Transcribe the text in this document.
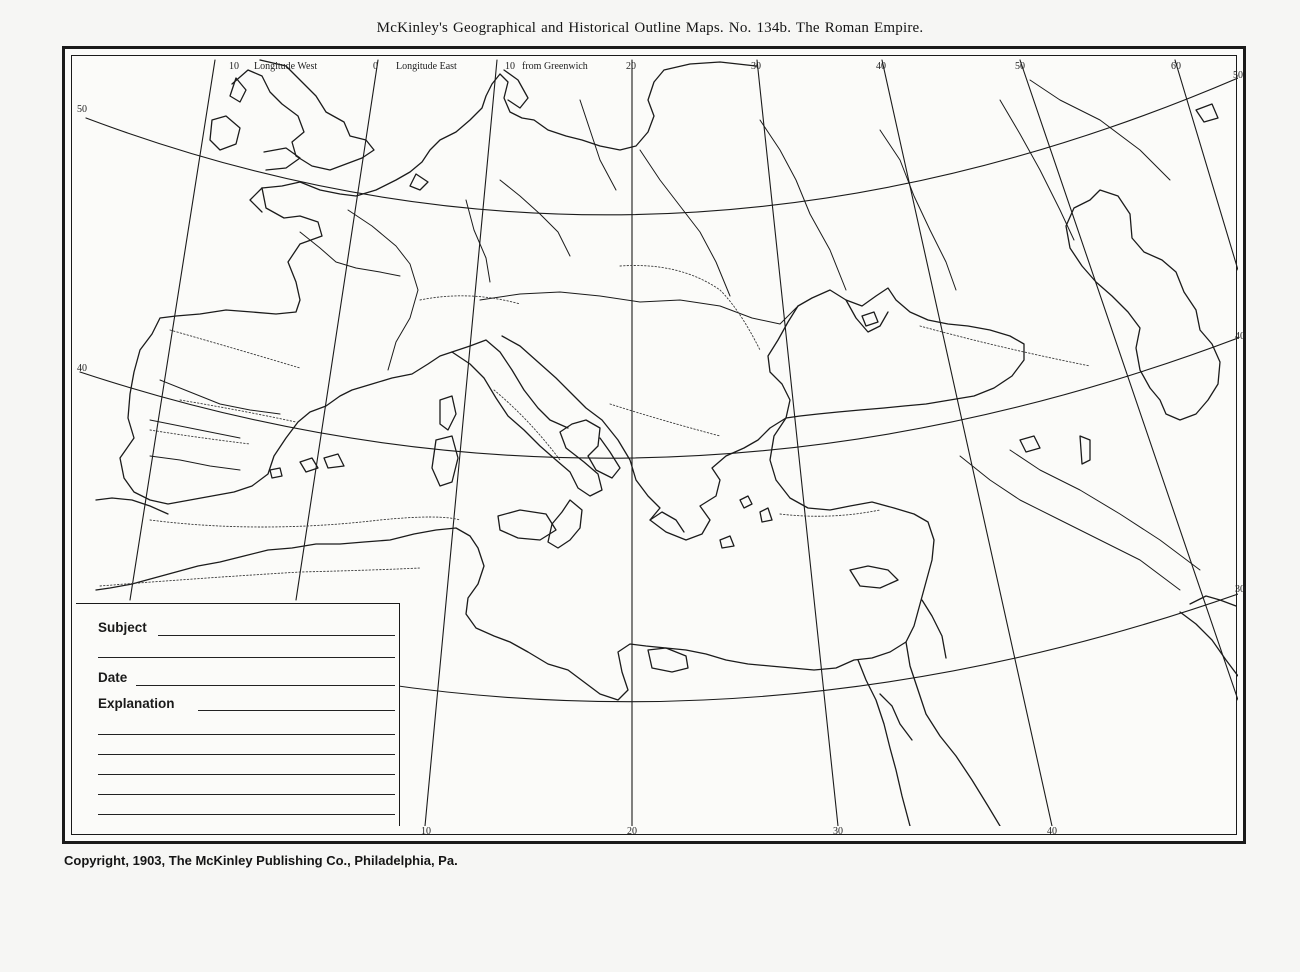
McKinley's Geographical and Historical Outline Maps. No. 134b. The Roman Empire.
10 Longitude West	0 Longitude East	10 from Greenwich	20	30	40	50	60
10	20	30	40
50
40
50
40
30
Subject
Date
Explanation
Copyright, 1903, The McKinley Publishing Co., Philadelphia, Pa.
